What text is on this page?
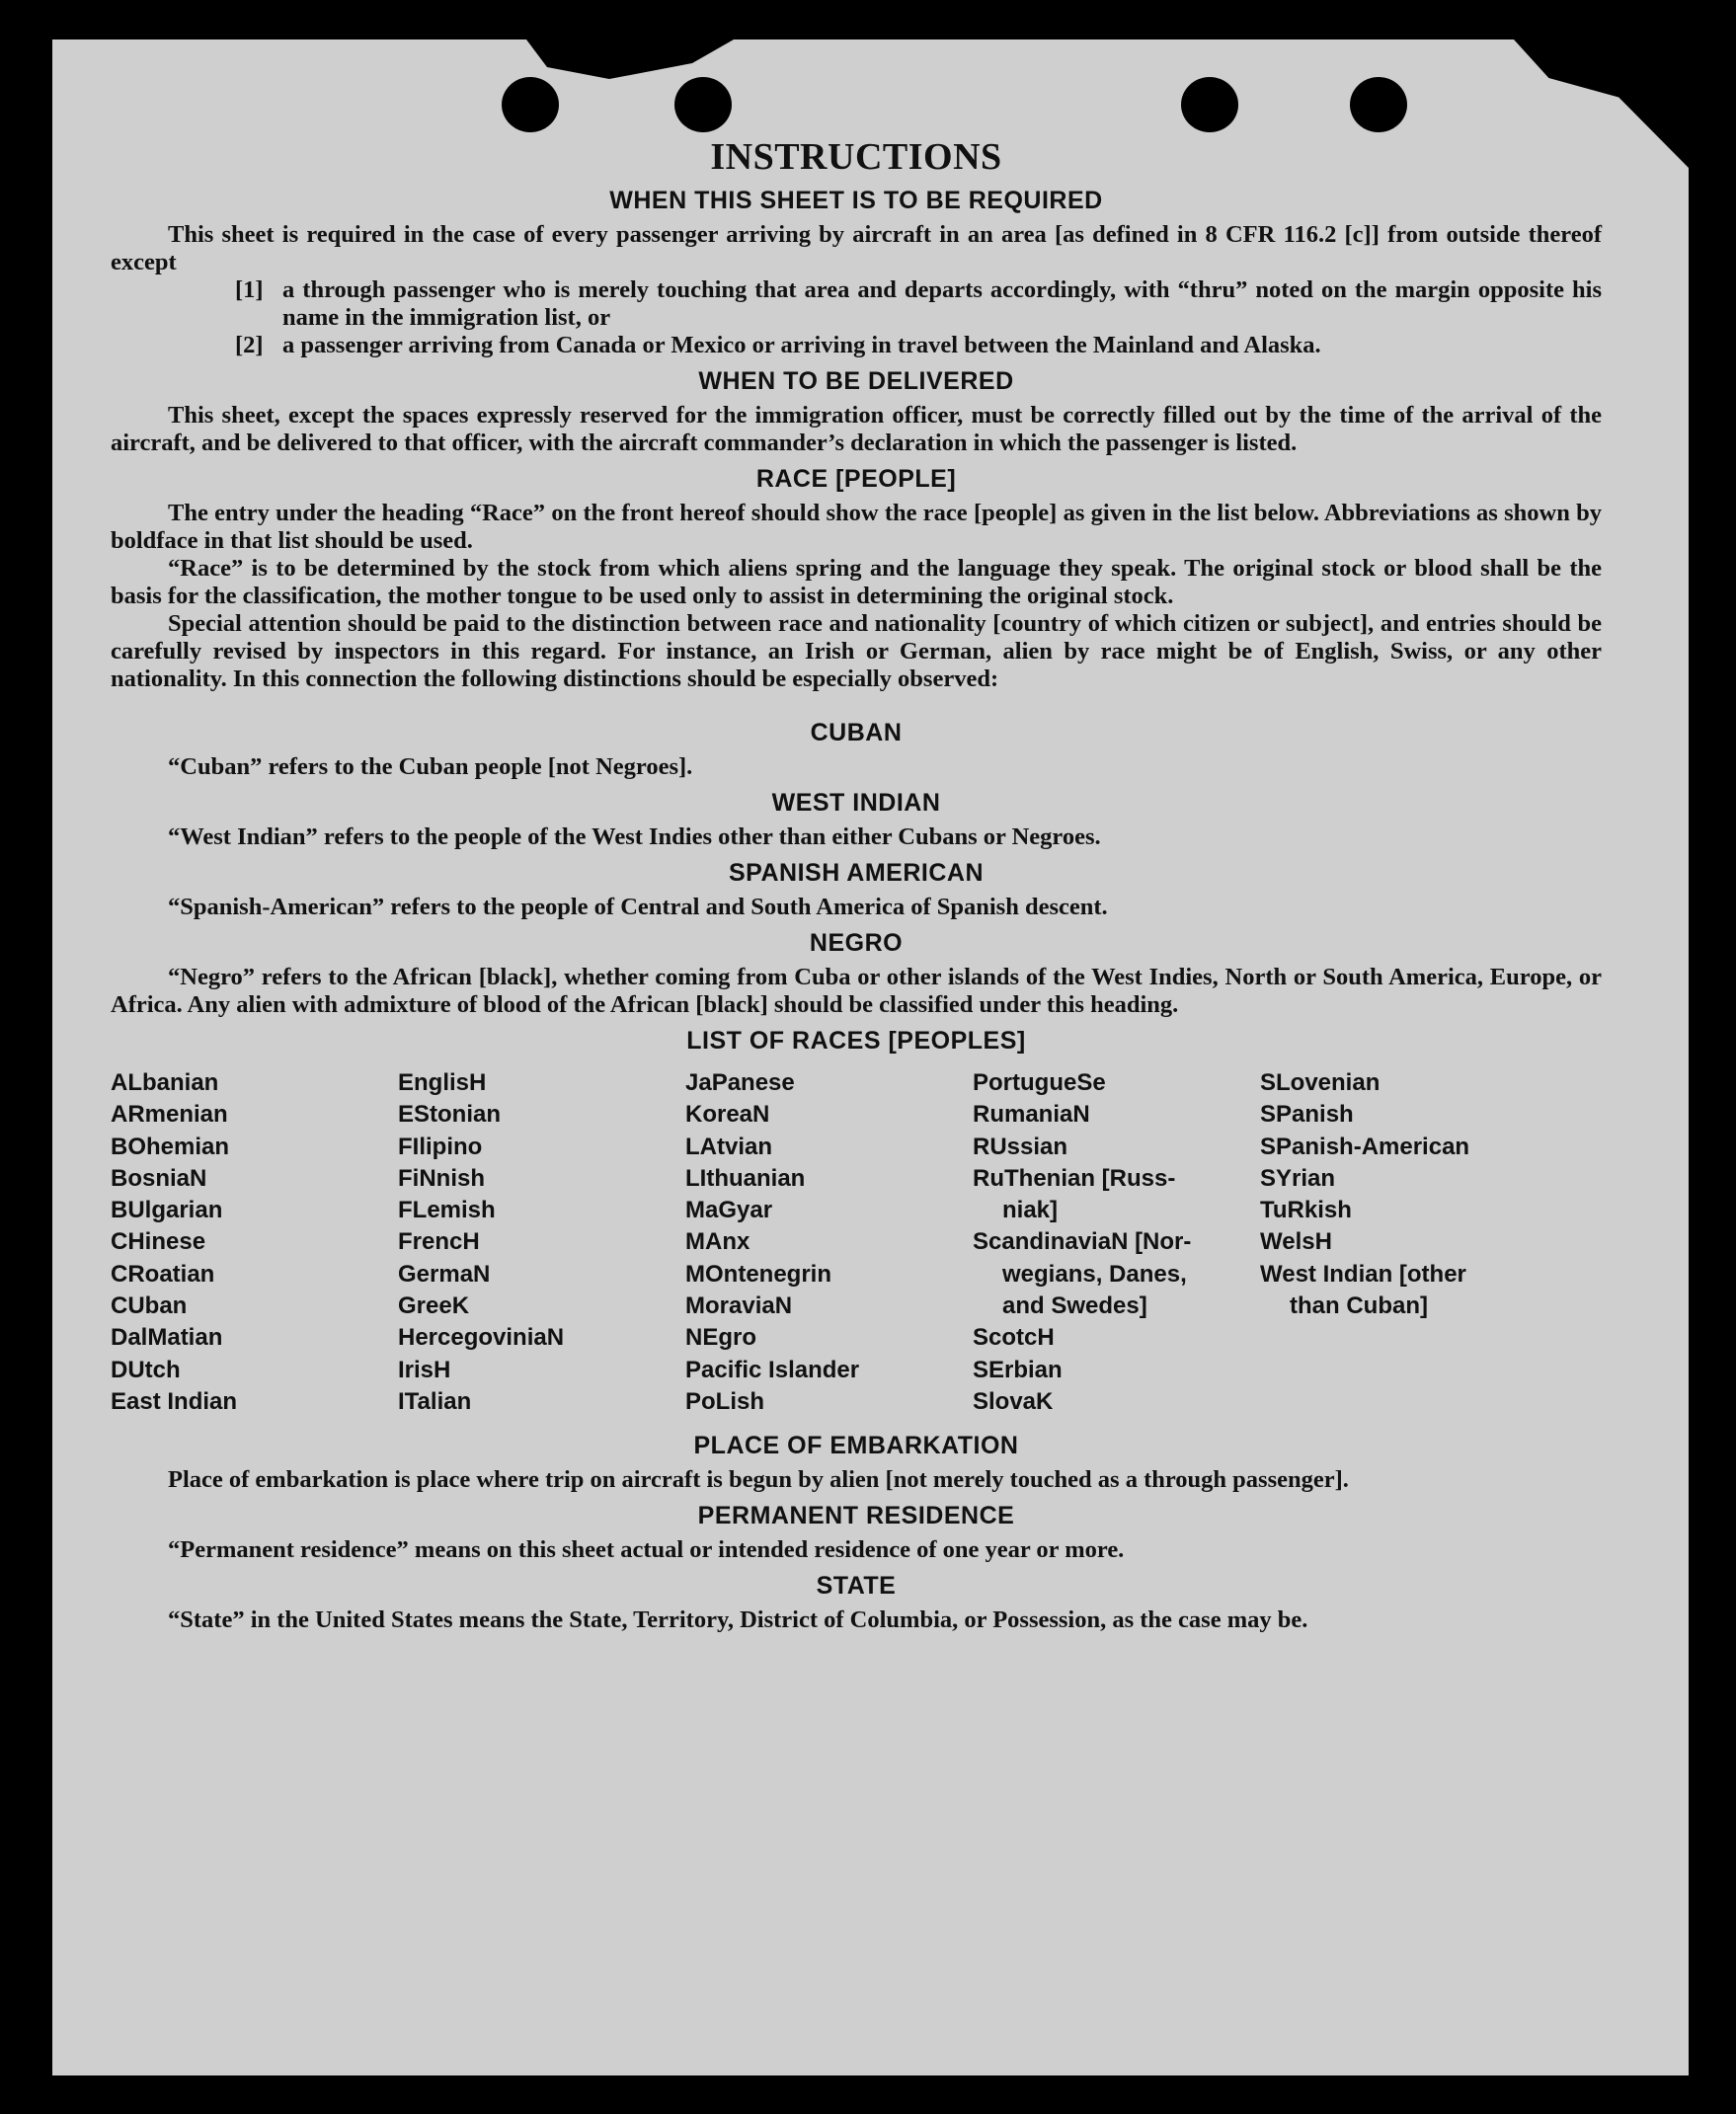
INSTRUCTIONS
WHEN THIS SHEET IS TO BE REQUIRED

This sheet is required in the case of every passenger arriving by aircraft in an area [as defined in 8 CFR 116.2 [c]] from outside thereof except

[1] a through passenger who is merely touching that area and departs accordingly, with “thru” noted on the margin opposite his name in the immigration list, or
[2] a passenger arriving from Canada or Mexico or arriving in travel between the Mainland and Alaska.
WHEN TO BE DELIVERED

This sheet, except the spaces expressly reserved for the immigration officer, must be correctly filled out by the time of the arrival of the aircraft, and be delivered to that officer, with the aircraft commander’s declaration in which the passenger is listed.

RACE [PEOPLE]

The entry under the heading “Race” on the front hereof should show the race [people] as given in the list below. Abbreviations as shown by boldface in that list should be used.

“Race” is to be determined by the stock from which aliens spring and the language they speak. The original stock or blood shall be the basis for the classification, the mother tongue to be used only to assist in determining the original stock.

Special attention should be paid to the distinction between race and nationality [country of which citizen or subject], and entries should be carefully revised by inspectors in this regard. For instance, an Irish or German, alien by race might be of English, Swiss, or any other nationality. In this connection the following distinctions should be especially observed:

CUBAN

“Cuban” refers to the Cuban people [not Negroes].

WEST INDIAN

“West Indian” refers to the people of the West Indies other than either Cubans or Negroes.

SPANISH AMERICAN

“Spanish-American” refers to the people of Central and South America of Spanish descent.

NEGRO

“Negro” refers to the African [black], whether coming from Cuba or other islands of the West Indies, North or South America, Europe, or Africa. Any alien with admixture of blood of the African [black] should be classified under this heading.

LIST OF RACES [PEOPLES]
ALbanian
ARmenian
BOhemian
BosniaN
BUlgarian
CHinese
CRoatian
CUban
DalMatian
DUtch
East Indian
EnglisH
EStonian
FIlipino
FiNnish
FLemish
FrencH
GermaN
GreeK
HercegoviniaN
IrisH
ITalian
JaPanese
KoreaN
LAtvian
LIthuanian
MaGyar
MAnx
MOntenegrin
MoraviaN
NEgro
Pacific Islander
PoLish
PortugueSe
RumaniaN
RUssian
RuThenian [Russ-
niak]
ScandinaviaN [Nor-
wegians, Danes,
and Swedes]
ScotcH
SErbian
SlovaK
SLovenian
SPanish
SPanish-American
SYrian
TuRkish
WelsH
West Indian [other
than Cuban]
PLACE OF EMBARKATION

Place of embarkation is place where trip on aircraft is begun by alien [not merely touched as a through passenger].

PERMANENT RESIDENCE

“Permanent residence” means on this sheet actual or intended residence of one year or more.

STATE

“State” in the United States means the State, Territory, District of Columbia, or Possession, as the case may be.
